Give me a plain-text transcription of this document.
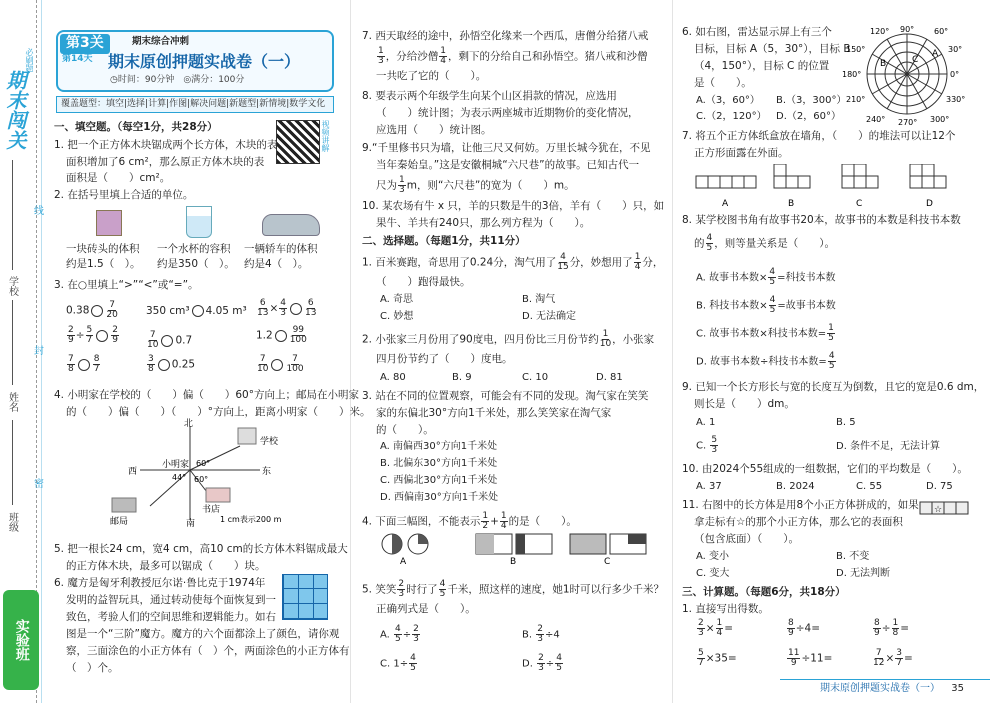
期末闯关
必刷题
线
学校
封
姓名
密
班级
实验班
第3关	期末综合冲刺
第14天 期末原创押题实战卷（一）
◷时间：90分钟　 ◎满分：100分
覆盖题型：填空|选择|计算|作图|解决问题|新题型|新情境|数学文化
视频讲解
一、填空题。（每空1分，共28分）
1. 把一个正方体木块锯成两个长方体，木块的表
面积增加了6 cm²，那么原正方体木块的表
面积是（　　）cm²。
2. 在括号里填上合适的单位。
一块砖头的体积
约是1.5（　）。
一个水杯的容积
约是350（　）。
一辆轿车的体积
约是4（　）。
3. 在○里填上“>”“<”或“=”。
$0.38 \frac{7}{20}$	350 cm³ 4.05 $m^3 \frac{6}{13} \times \frac{4}{3} \frac{6}{13}$
$\frac{2}{9} \div \frac{5}{7} \frac{2}{9}$	$\frac{7}{10} 0.7$	$1.2 \frac{99}{100}$
$\frac{7}{8} \frac{8}{7}$	$\frac{3}{8} 0.25$	$\frac{7}{10} \frac{7}{100}$
4. 小明家在学校的（　　）偏（　　）60°方向上；邮局在小明家
的（　　）偏（　　）（　　）°方向上，距离小明家（　　）米。
北
南
东
西
学校
小明家
书店
邮局
60°
44° 60°
1 cm表示200 m
5. 把一根长24 cm，宽4 cm，高10 cm的长方体木料锯成最大
的正方体木块，最多可以锯成（　　）块。
6. 魔方是匈牙利教授厄尔诺·鲁比克于1974年
发明的益智玩具，通过转动使每个面恢复到一
致色，考验人们的空间思维和逻辑能力。如右
图是一个“三阶”魔方。魔方的六个面都涂上了颜色，请你观
察，三面涂色的小正方体有（　）个，两面涂色的小正方体有
（　）个。
7. 西天取经的途中，孙悟空化缘来一个西瓜，唐僧分给猪八戒
$\frac{1}{3}$ ，分给沙僧 $\frac{1}{4}$ ，剩下的分给自己和孙悟空。猪八戒和沙僧
一共吃了它的（　　）。
8. 要表示两个年级学生向某个山区捐款的情况，应选用
（　　）统计图；为表示两座城市近期物价的变化情况，
应选用（　　）统计图。
9.“千里修书只为墙，让他三尺又何妨。万里长城今犹在，不见
当年秦始皇。”这是安徽桐城“六尺巷”的故事。已知古代一
尺为 $\frac{1}{3}$ m，则“六尺巷”的宽为（　　）m。
10. 某农场有牛 x 只，羊的只数是牛的3倍，羊有（　　）只，如
果牛、羊共有240只，那么列方程为（　　）。
二、选择题。（每题1分，共11分）
1. 百米赛跑，奇思用了0.24分，淘气用了 $\frac{4}{15}$ 分，妙想用了 $\frac{1}{4}$ 分，
（　　）跑得最快。
A. 奇思	B. 淘气
C. 妙想	D. 无法确定
2. 小张家三月份用了90度电，四月份比三月份节约 $\frac{1}{10}$ ，小张家
四月份节约了（　　）度电。
A. 80	B. 9	C. 10	D. 81
3. 站在不同的位置观察，可能会有不同的发现。淘气家在笑笑
家的东偏北30°方向1千米处，那么笑笑家在淘气家
的（　　）。
A. 南偏西30°方向1千米处
B. 北偏东30°方向1千米处
C. 西偏北30°方向1千米处
D. 西偏南30°方向1千米处
4. 下面三幅图，不能表示 $\frac{1}{2} + \frac{1}{4}$ 的是（　　）。
A	B	C
5. 笑笑 $\frac{2}{3}$ 时行了 $\frac{4}{5}$ 千米，照这样的速度，她1时可以行多少千米？
正确列式是（　　）。
A. $\frac{4}{5} \div \frac{2}{3}$	B. $\frac{2}{3} \div 4$
C. $1\div \frac{4}{5}$	D. $\frac{2}{3} \div \frac{4}{5}$
6. 如右图，雷达显示屏上有三个
目标，目标 A（5，30°），目标 B
（4，150°），目标 C 的位置
是（　　）。
A.（3，60°） B.（3，300°）
C.（2，120°） D.（2，60°）
A
B	C
120° 90° 60°
150°	30°
180°	0°
210°	330°
240° 270° 300°
7. 将五个正方体纸盒放在墙角，（　　）的堆法可以让12个
正方形面露在外面。
A	B	C	D
8. 某学校图书角有故事书20本，故事书的本数是科技书本数
的 $\frac{4}{5}$ ，则等量关系是（　　）。
A. 故事书本数× $\frac{4}{5}$ =科技书本数
B. 科技书本数× $\frac{4}{5}$ =故事书本数
C. 故事书本数×科技书本数= $\frac{1}{5}$
D. 故事书本数÷科技书本数= $\frac{4}{5}$
9. 已知一个长方形长与宽的长度互为倒数，且它的宽是0.6 dm，
则长是（　　）dm。
A. 1	B. 5
C. $\frac{5}{3}$	D. 条件不足，无法计算
10. 由2024个55组成的一组数据，它们的平均数是（　　）。
A. 37	B. 2024	C. 55	D. 75
11. 右图中的长方体是用8个小正方体拼成的，如果
拿走标有☆的那个小正方体，那么它的表面积
（包含底面）（　　）。
☆
A. 变小	B. 不变
C. 变大	D. 无法判断
三、计算题。（每题6分，共18分）
1. 直接写出得数。
$\frac{2}{3} \times \frac{1}{4}$ =	$\frac{8}{9} \div 4=$	$\frac{8}{9} \div \frac{1}{8}$ =
$\frac{5}{7} \times 35=$	$\frac{11}{9} \div 11=$	$\frac{7}{12} \times \frac{3}{7}$ =
期末原创押题实战卷（一） 35
